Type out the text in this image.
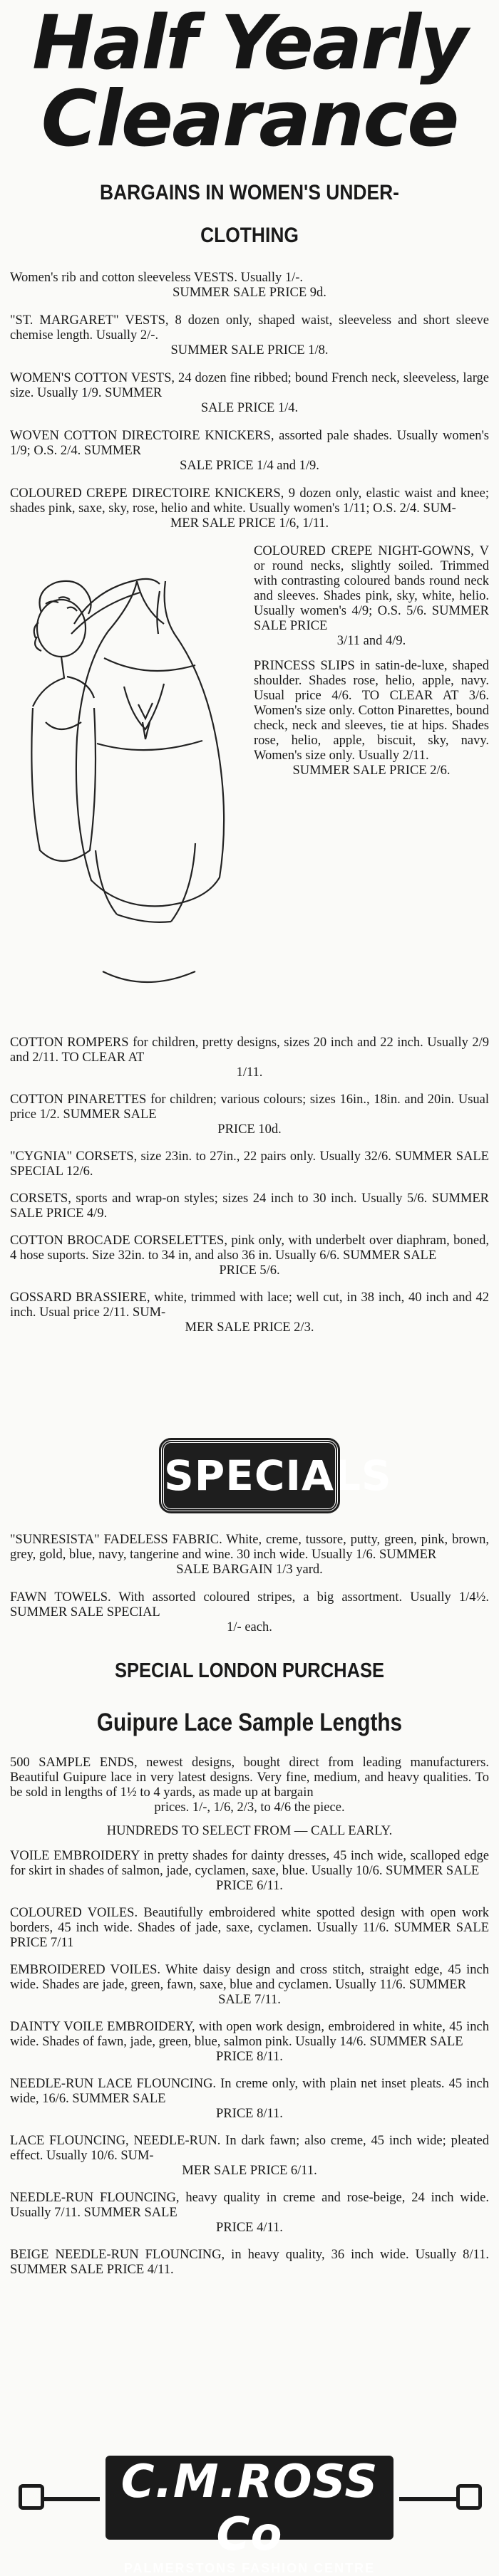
Half Yearly
Clearance
BARGAINS IN WOMEN'S UNDER-
CLOTHING

Women's rib and cotton sleeveless VESTS. Usually 1/-.
SUMMER SALE PRICE 9d.

"ST. MARGARET" VESTS, 8 dozen only, shaped waist, sleeveless and short sleeve chemise length. Usually 2/-.
SUMMER SALE PRICE 1/8.

WOMEN'S COTTON VESTS, 24 dozen fine ribbed; bound French neck, sleeveless, large size. Usually 1/9. SUMMER
SALE PRICE 1/4.

WOVEN COTTON DIRECTOIRE KNICKERS, assorted pale shades. Usually women's 1/9; O.S. 2/4. SUMMER
SALE PRICE 1/4 and 1/9.

COLOURED CREPE DIRECTOIRE KNICKERS, 9 dozen only, elastic waist and knee; shades pink, saxe, sky, rose, helio and white. Usually women's 1/11; O.S. 2/4. SUM-
MER SALE PRICE 1/6, 1/11.

COLOURED CREPE NIGHT-GOWNS, V or round necks, slightly soiled. Trimmed with contrasting coloured bands round neck and sleeves. Shades pink, sky, white, helio. Usually women's 4/9; O.S. 5/6. SUMMER SALE PRICE
3/11 and 4/9.

PRINCESS SLIPS in satin-de-luxe, shaped shoulder. Shades rose, helio, apple, navy. Usual price 4/6. TO CLEAR AT 3/6. Women's size only. Cotton Pinarettes, bound check, neck and sleeves, tie at hips. Shades rose, helio, apple, biscuit, sky, navy. Women's size only. Usually 2/11.
SUMMER SALE PRICE 2/6.

COTTON ROMPERS for children, pretty designs, sizes 20 inch and 22 inch. Usually 2/9 and 2/11. TO CLEAR AT
1/11.

COTTON PINARETTES for children; various colours; sizes 16in., 18in. and 20in. Usual price 1/2. SUMMER SALE
PRICE 10d.

"CYGNIA" CORSETS, size 23in. to 27in., 22 pairs only. Usually 32/6. SUMMER SALE SPECIAL 12/6.

CORSETS, sports and wrap-on styles; sizes 24 inch to 30 inch. Usually 5/6. SUMMER SALE PRICE 4/9.

COTTON BROCADE CORSELETTES, pink only, with underbelt over diaphram, boned, 4 hose suports. Size 32in. to 34 in, and also 36 in. Usually 6/6. SUMMER SALE
PRICE 5/6.

GOSSARD BRASSIERE, white, trimmed with lace; well cut, in 38 inch, 40 inch and 42 inch. Usual price 2/11. SUM-
MER SALE PRICE 2/3.

SPECIALS

"SUNRESISTA" FADELESS FABRIC. White, creme, tussore, putty, green, pink, brown, grey, gold, blue, navy, tangerine and wine. 30 inch wide. Usually 1/6. SUMMER
SALE BARGAIN 1/3 yard.

FAWN TOWELS. With assorted coloured stripes, a big assortment. Usually 1/4½. SUMMER SALE SPECIAL
1/- each.

SPECIAL LONDON PURCHASE
Guipure Lace Sample Lengths

500 SAMPLE ENDS, newest designs, bought direct from leading manufacturers. Beautiful Guipure lace in very latest designs. Very fine, medium, and heavy qualities. To be sold in lengths of 1½ to 4 yards, as made up at bargain
prices. 1/-, 1/6, 2/3, to 4/6 the piece.

HUNDREDS TO SELECT FROM — CALL EARLY.

VOILE EMBROIDERY in pretty shades for dainty dresses, 45 inch wide, scalloped edge for skirt in shades of salmon, jade, cyclamen, saxe, blue. Usually 10/6. SUMMER SALE
PRICE 6/11.

COLOURED VOILES. Beautifully embroidered white spotted design with open work borders, 45 inch wide. Shades of jade, saxe, cyclamen. Usually 11/6. SUMMER SALE PRICE 7/11

EMBROIDERED VOILES. White daisy design and cross stitch, straight edge, 45 inch wide. Shades are jade, green, fawn, saxe, blue and cyclamen. Usually 11/6. SUMMER
SALE 7/11.

DAINTY VOILE EMBROIDERY, with open work design, embroidered in white, 45 inch wide. Shades of fawn, jade, green, blue, salmon pink. Usually 14/6. SUMMER SALE
PRICE 8/11.

NEEDLE-RUN LACE FLOUNCING. In creme only, with plain net inset pleats. 45 inch wide, 16/6. SUMMER SALE
PRICE 8/11.

LACE FLOUNCING, NEEDLE-RUN. In dark fawn; also creme, 45 inch wide; pleated effect. Usually 10/6. SUM-
MER SALE PRICE 6/11.

NEEDLE-RUN FLOUNCING, heavy quality in creme and rose-beige, 24 inch wide. Usually 7/11. SUMMER SALE
PRICE 4/11.

BEIGE NEEDLE-RUN FLOUNCING, in heavy quality, 36 inch wide. Usually 8/11. SUMMER SALE PRICE 4/11.

C.M.ROSS Co
PALMERSTONS FASHION CENTRE
